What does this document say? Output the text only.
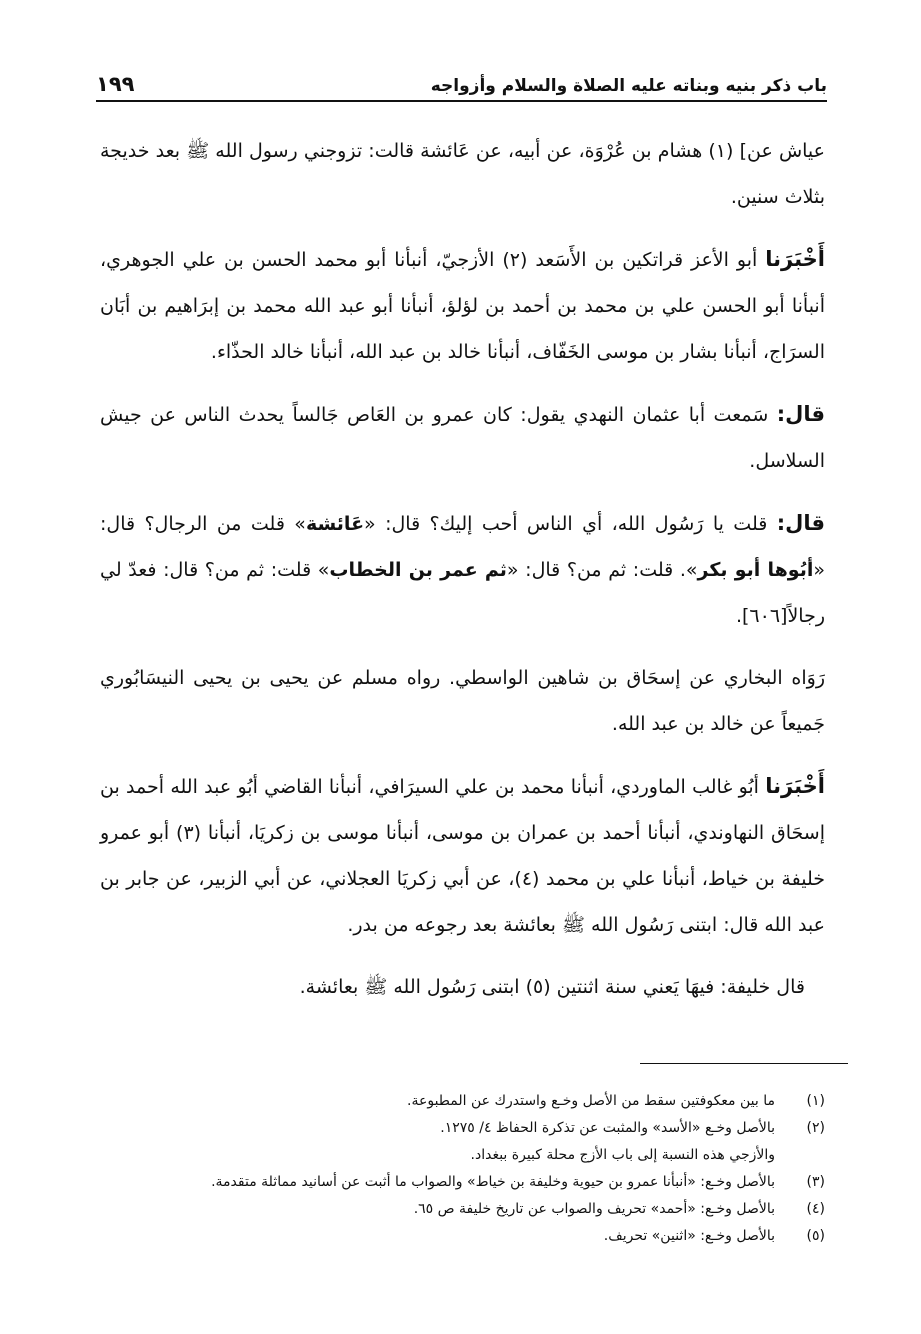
باب ذكر بنيه وبناته عليه الصلاة والسلام وأزواجه
١٩٩

عياش عن] (١) هشام بن عُرْوَة، عن أبيه، عن عَائشة قالت: تزوجني رسول الله ﷺ بعد خديجة بثلاث سنين.

أَخْبَرَنا أبو الأعز قراتكين بن الأَسَعد (٢) الأزجيّ، أنبأنا أبو محمد الحسن بن علي الجوهري، أنبأنا أبو الحسن علي بن محمد بن أحمد بن لؤلؤ، أنبأنا أبو عبد الله محمد بن إبرَاهيم بن أبَان السرَاج، أنبأنا بشار بن موسى الخَفّاف، أنبأنا خالد بن عبد الله، أنبأنا خالد الحذّاء.

قال: سَمعت أبا عثمان النهدي يقول: كان عمرو بن العَاص جَالساً يحدث الناس عن جيش السلاسل.

قال: قلت يا رَسُول الله، أي الناس أحب إليك؟ قال: «عَائشة» قلت من الرجال؟ قال: «أبُوها أبو بكر». قلت: ثم من؟ قال: «ثم عمر بن الخطاب» قلت: ثم من؟ قال: فعدّ لي رجالاً[٦٠٦].

رَوَاه البخاري عن إسحَاق بن شاهين الواسطي. رواه مسلم عن يحيى بن يحيى النيسَابُوري جَميعاً عن خالد بن عبد الله.

أَخْبَرَنا أبُو غالب الماوردي، أنبأنا محمد بن علي السيرَافي، أنبأنا القاضي أبُو عبد الله أحمد بن إسحَاق النهاوندي، أنبأنا أحمد بن عمران بن موسى، أنبأنا موسى بن زكريَا، أنبأنا (٣) أبو عمرو خليفة بن خياط، أنبأنا علي بن محمد (٤)، عن أبي زكريَا العجلاني، عن أبي الزبير، عن جابر بن عبد الله قال: ابتنى رَسُول الله ﷺ بعائشة بعد رجوعه من بدر.

قال خليفة: فيهَا يَعني سنة اثنتين (٥) ابتنى رَسُول الله ﷺ بعائشة.

(١)
ما بين معكوفتين سقط من الأصل وخـع واستدرك عن المطبوعة.
(٢)
بالأصل وخـع «الأسد» والمثبت عن تذكرة الحفاظ ٤/ ١٢٧٥.
والأزجي هذه النسبة إلى باب الأزج محلة كبيرة ببغداد.
(٣)
بالأصل وخـع: «أنبأنا عمرو بن حيوية وخليفة بن خياط» والصواب ما أثبت عن أسانيد مماثلة متقدمة.
(٤)
بالأصل وخـع: «أحمد» تحريف والصواب عن تاريخ خليفة ص ٦٥.
(٥)
بالأصل وخـع: «اثنين» تحريف.
